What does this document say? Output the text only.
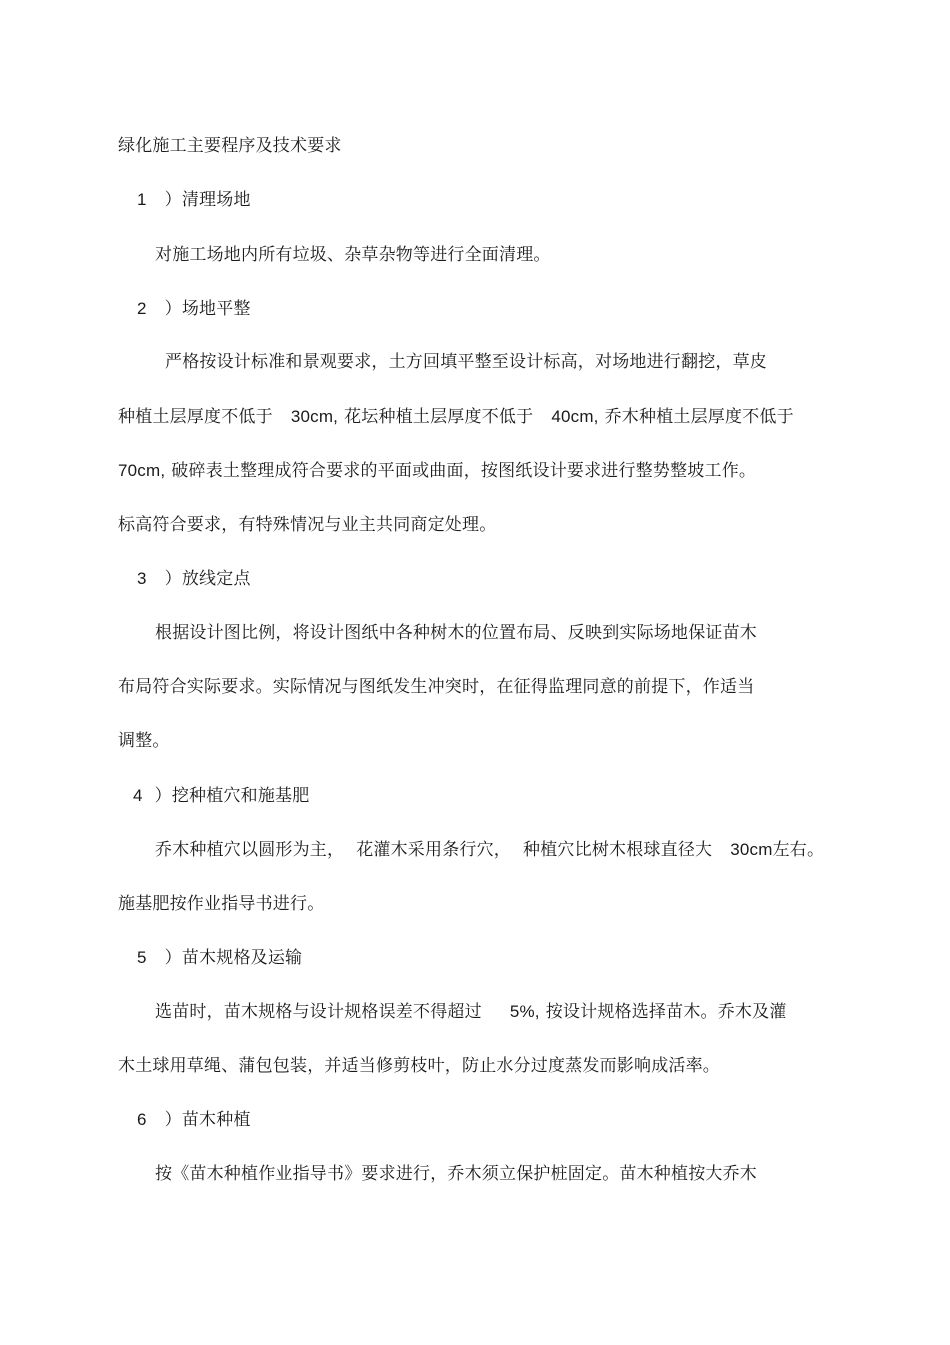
绿化施工主要程序及技术要求
1 ）清理场地
对施工场地内所有垃圾、杂草杂物等进行全面清理。
2 ）场地平整
严格按设计标准和景观要求，土方回填平整至设计标高，对场地进行翻挖，草皮
种植土层厚度不低于 30cm, 花坛种植土层厚度不低于 40cm, 乔木种植土层厚度不低于
70cm, 破碎表土整理成符合要求的平面或曲面，按图纸设计要求进行整势整坡工作。
标高符合要求，有特殊情况与业主共同商定处理。
3 ）放线定点
根据设计图比例，将设计图纸中各种树木的位置布局、反映到实际场地保证苗木
布局符合实际要求。实际情况与图纸发生冲突时，在征得监理同意的前提下，作适当
调整。
4 ）挖种植穴和施基肥
乔木种植穴以圆形为主， 花灌木采用条行穴， 种植穴比树木根球直径大 30cm左右。
施基肥按作业指导书进行。
5 ）苗木规格及运输
选苗时，苗木规格与设计规格误差不得超过 5%, 按设计规格选择苗木。乔木及灌
木土球用草绳、蒲包包装，并适当修剪枝叶，防止水分过度蒸发而影响成活率。
6 ）苗木种植
按《苗木种植作业指导书》要求进行，乔木须立保护桩固定。苗木种植按大乔木
